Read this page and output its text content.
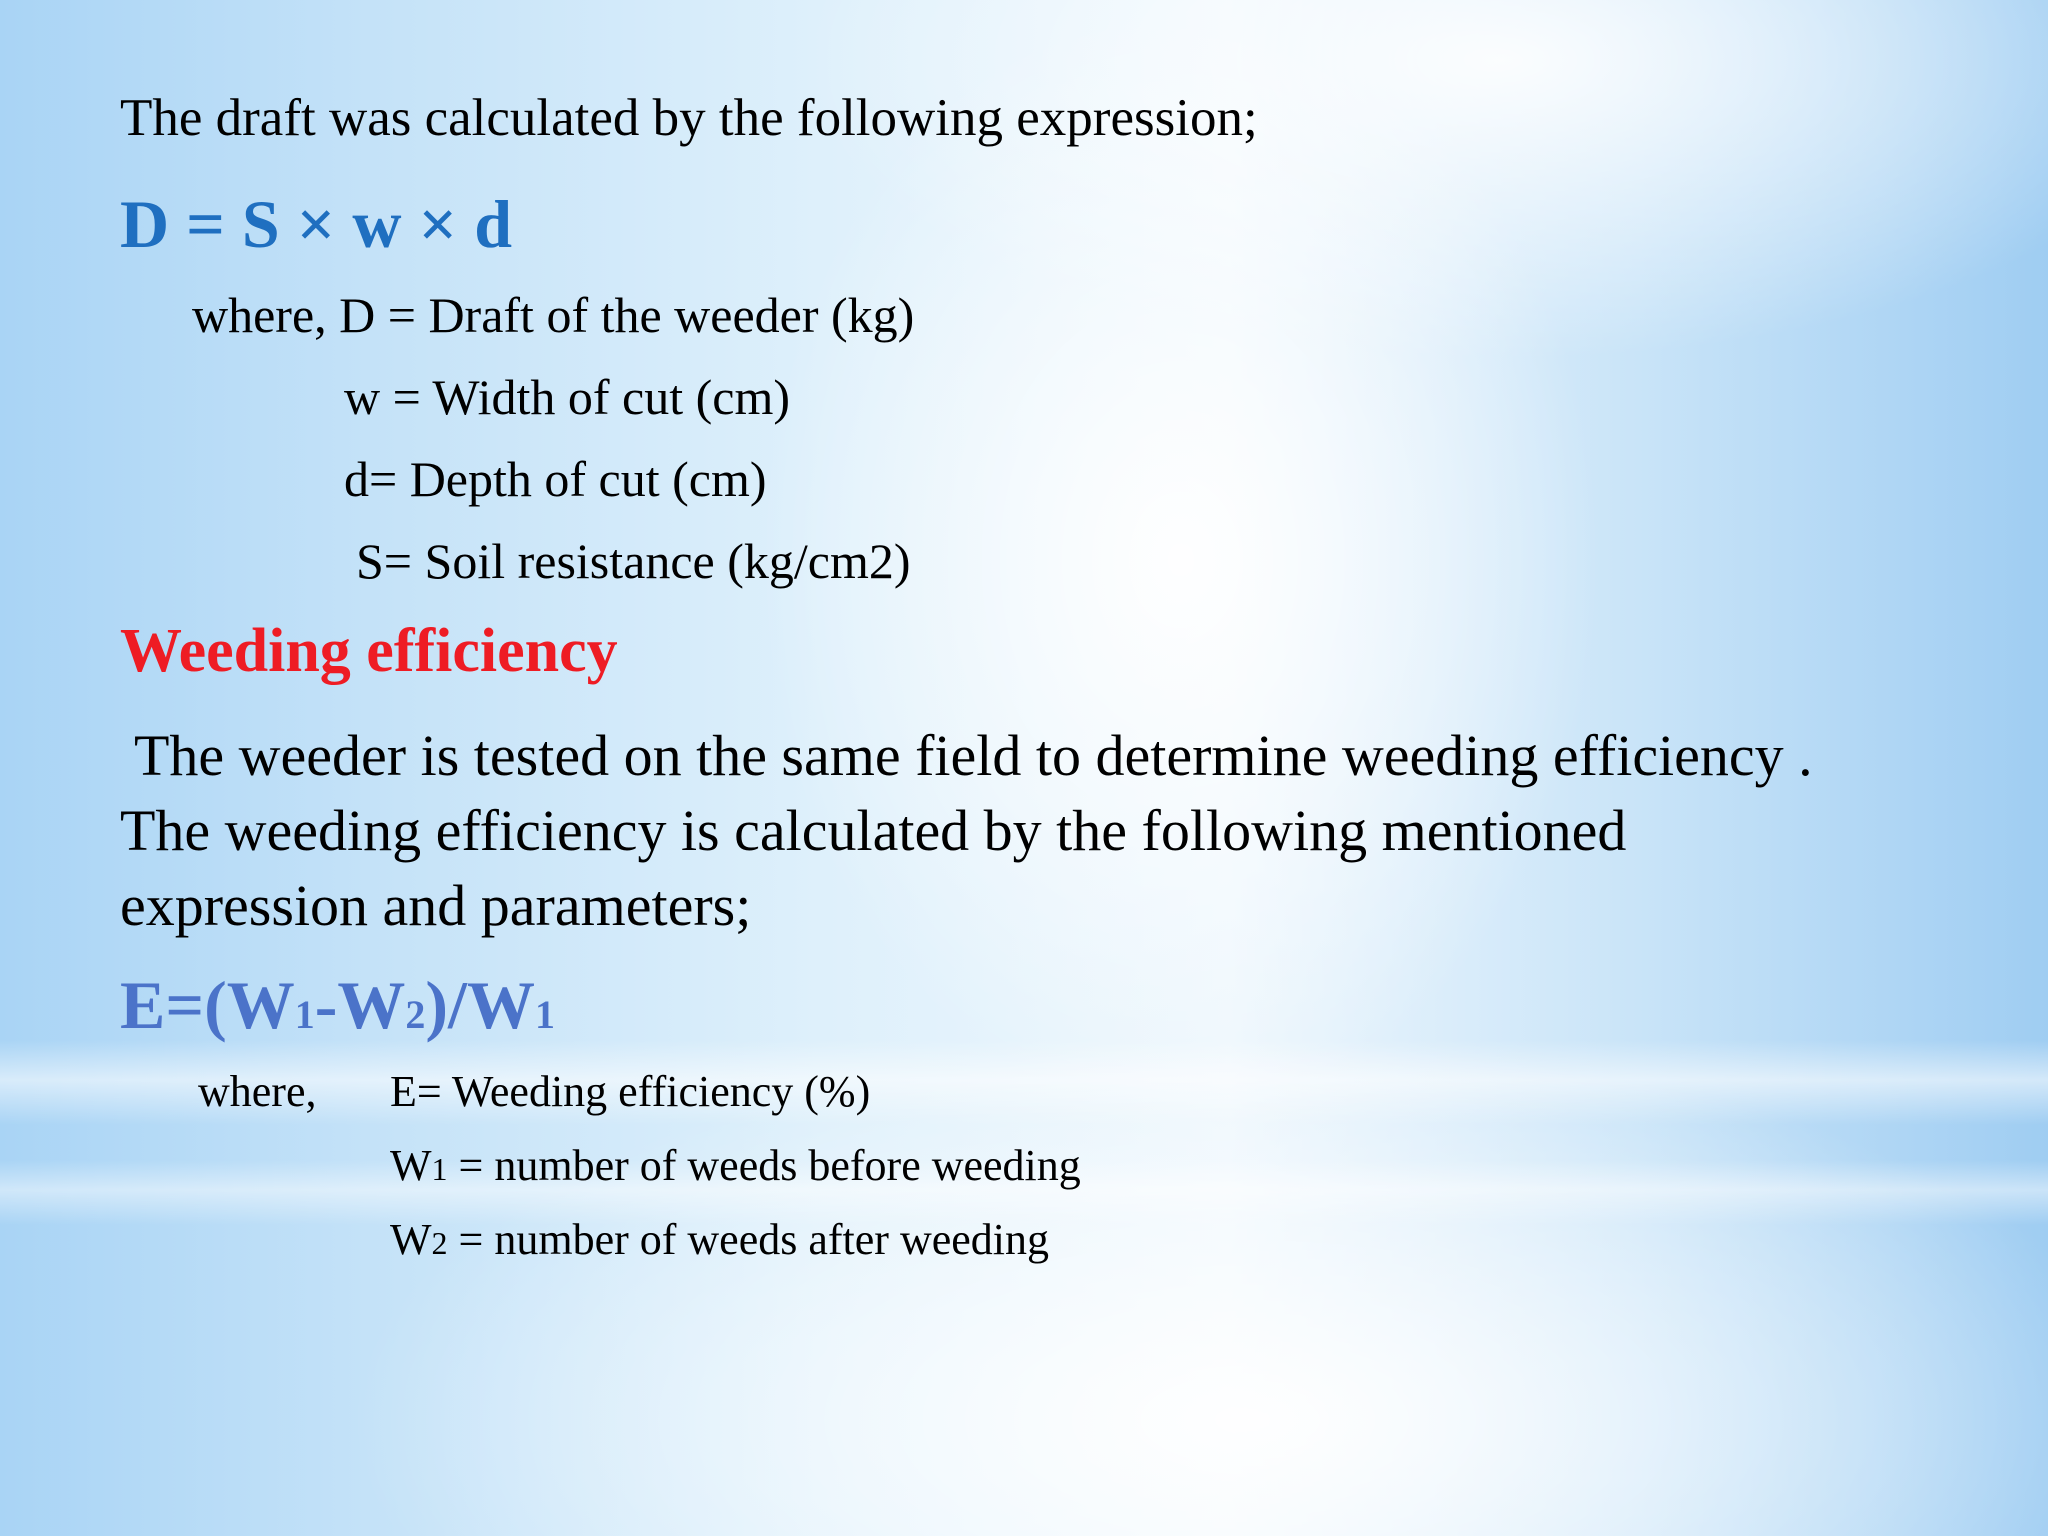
The draft was calculated by the following expression;
D = S × w × d
where, D = Draft of the weeder (kg)
w = Width of cut (cm)
d= Depth of cut (cm)
S= Soil resistance (kg/cm2)
Weeding efficiency
The weeder is tested on the same field to determine weeding efficiency .
The weeding efficiency is calculated by the following mentioned
expression and parameters;
E=(W1-W2)/W1
where, E= Weeding efficiency (%)
W1 = number of weeds before weeding
W2 = number of weeds after weeding
